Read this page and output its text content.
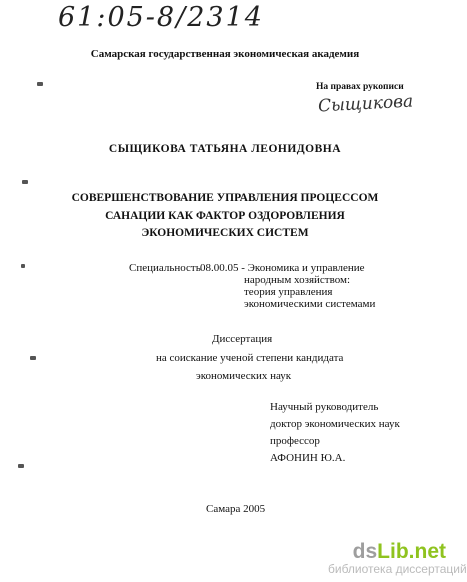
61:05-8/2314
Самарская государственная экономическая академия
На правах рукописи
Сыщикова
СЫЩИКОВА ТАТЬЯНА ЛЕОНИДОВНА
СОВЕРШЕНСТВОВАНИЕ УПРАВЛЕНИЯ ПРОЦЕССОМ
САНАЦИИ КАК ФАКТОР ОЗДОРОВЛЕНИЯ
ЭКОНОМИЧЕСКИХ СИСТЕМ
Специальность 08.00.05 - Экономика и управление
народным хозяйством:
теория управления
экономическими системами
Диссертация
на соискание ученой степени кандидата
экономических наук
Научный руководитель
доктор экономических наук
профессор
АФОНИН Ю.А.
Самара 2005
dsLib.net
библиотека диссертаций
